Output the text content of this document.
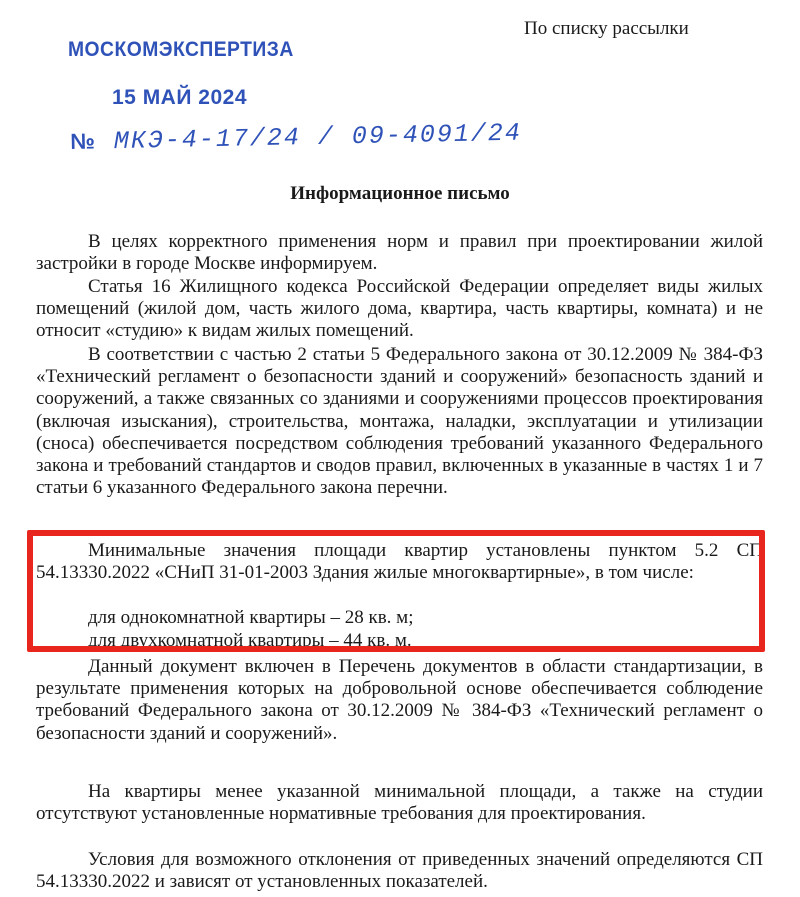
По списку рассылки
МОСКОМЭКСПЕРТИЗА
15 МАЙ 2024
№ МКЭ-4-17/24 / 09-4091/24
Информационное письмо

В целях корректного применения норм и правил при проектировании жилой застройки в городе Москве информируем.

Статья 16 Жилищного кодекса Российской Федерации определяет виды жилых помещений (жилой дом, часть жилого дома, квартира, часть квартиры, комната) и не относит «студию» к видам жилых помещений.

В соответствии с частью 2 статьи 5 Федерального закона от 30.12.2009 № 384-ФЗ «Технический регламент о безопасности зданий и сооружений» безопасность зданий и сооружений, а также связанных со зданиями и сооружениями процессов проектирования (включая изыскания), строительства, монтажа, наладки, эксплуатации и утилизации (сноса) обеспечивается посредством соблюдения требований указанного Федерального закона и требований стандартов и сводов правил, включенных в указанные в частях 1 и 7 статьи 6 указанного Федерального закона перечни.

Минимальные значения площади квартир установлены пунктом 5.2 СП 54.13330.2022 «СНиП 31-01-2003 Здания жилые многоквартирные», в том числе:

для однокомнатной квартиры – 28 кв. м;

для двухкомнатной квартиры – 44 кв. м.

Данный документ включен в Перечень документов в области стандартизации, в результате применения которых на добровольной основе обеспечивается соблюдение требований Федерального закона от 30.12.2009 № 384-ФЗ «Технический регламент о безопасности зданий и сооружений».

На квартиры менее указанной минимальной площади, а также на студии отсутствуют установленные нормативные требования для проектирования.

Условия для возможного отклонения от приведенных значений определяются СП 54.13330.2022 и зависят от установленных показателей.
